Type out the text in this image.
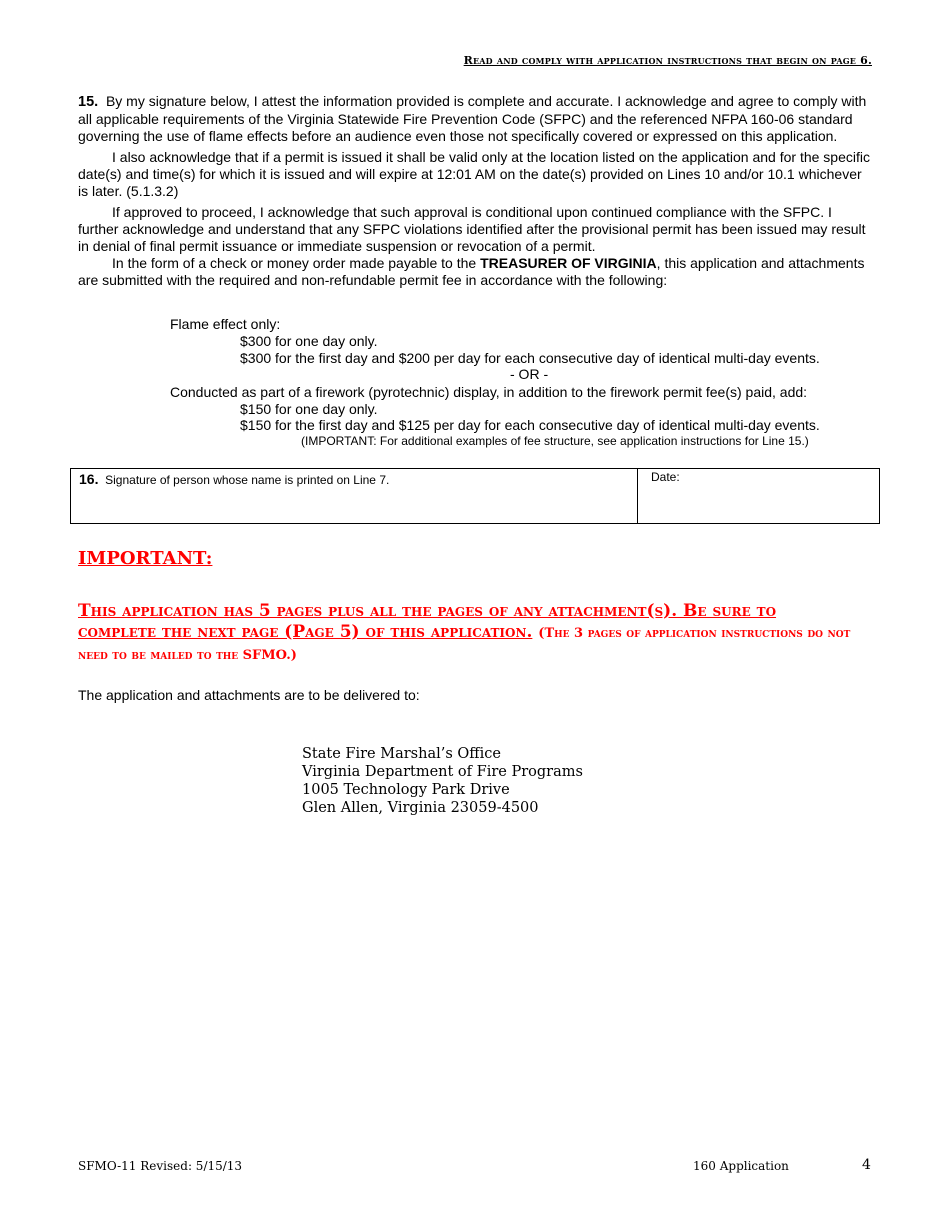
Read and comply with application instructions that begin on page 6.

15. By my signature below, I attest the information provided is complete and accurate. I acknowledge and agree to comply with all applicable requirements of the Virginia Statewide Fire Prevention Code (SFPC) and the referenced NFPA 160-06 standard governing the use of flame effects before an audience even those not specifically covered or expressed on this application.

I also acknowledge that if a permit is issued it shall be valid only at the location listed on the application and for the specific date(s) and time(s) for which it is issued and will expire at 12:01 AM on the date(s) provided on Lines 10 and/or 10.1 whichever is later. (5.1.3.2)

If approved to proceed, I acknowledge that such approval is conditional upon continued compliance with the SFPC. I further acknowledge and understand that any SFPC violations identified after the provisional permit has been issued may result in denial of final permit issuance or immediate suspension or revocation of a permit.

In the form of a check or money order made payable to the TREASURER OF VIRGINIA, this application and attachments are submitted with the required and non-refundable permit fee in accordance with the following:

Flame effect only:
$300 for one day only.
$300 for the first day and $200 per day for each consecutive day of identical multi-day events.
- OR -
Conducted as part of a firework (pyrotechnic) display, in addition to the firework permit fee(s) paid, add:
$150 for one day only.
$150 for the first day and $125 per day for each consecutive day of identical multi-day events.
(IMPORTANT: For additional examples of fee structure, see application instructions for Line 15.)
16. Signature of person whose name is printed on Line 7.	Date:
IMPORTANT:
This application has 5 pages plus all the pages of any attachment(s). Be sure to complete the next page (Page 5) of this application. (The 3 pages of application instructions do not need to be mailed to the SFMO.)
The application and attachments are to be delivered to:
State Fire Marshal’s Office
Virginia Department of Fire Programs
1005 Technology Park Drive
Glen Allen, Virginia 23059-4500
SFMO-11 Revised: 5/15/13	160 Application	4
